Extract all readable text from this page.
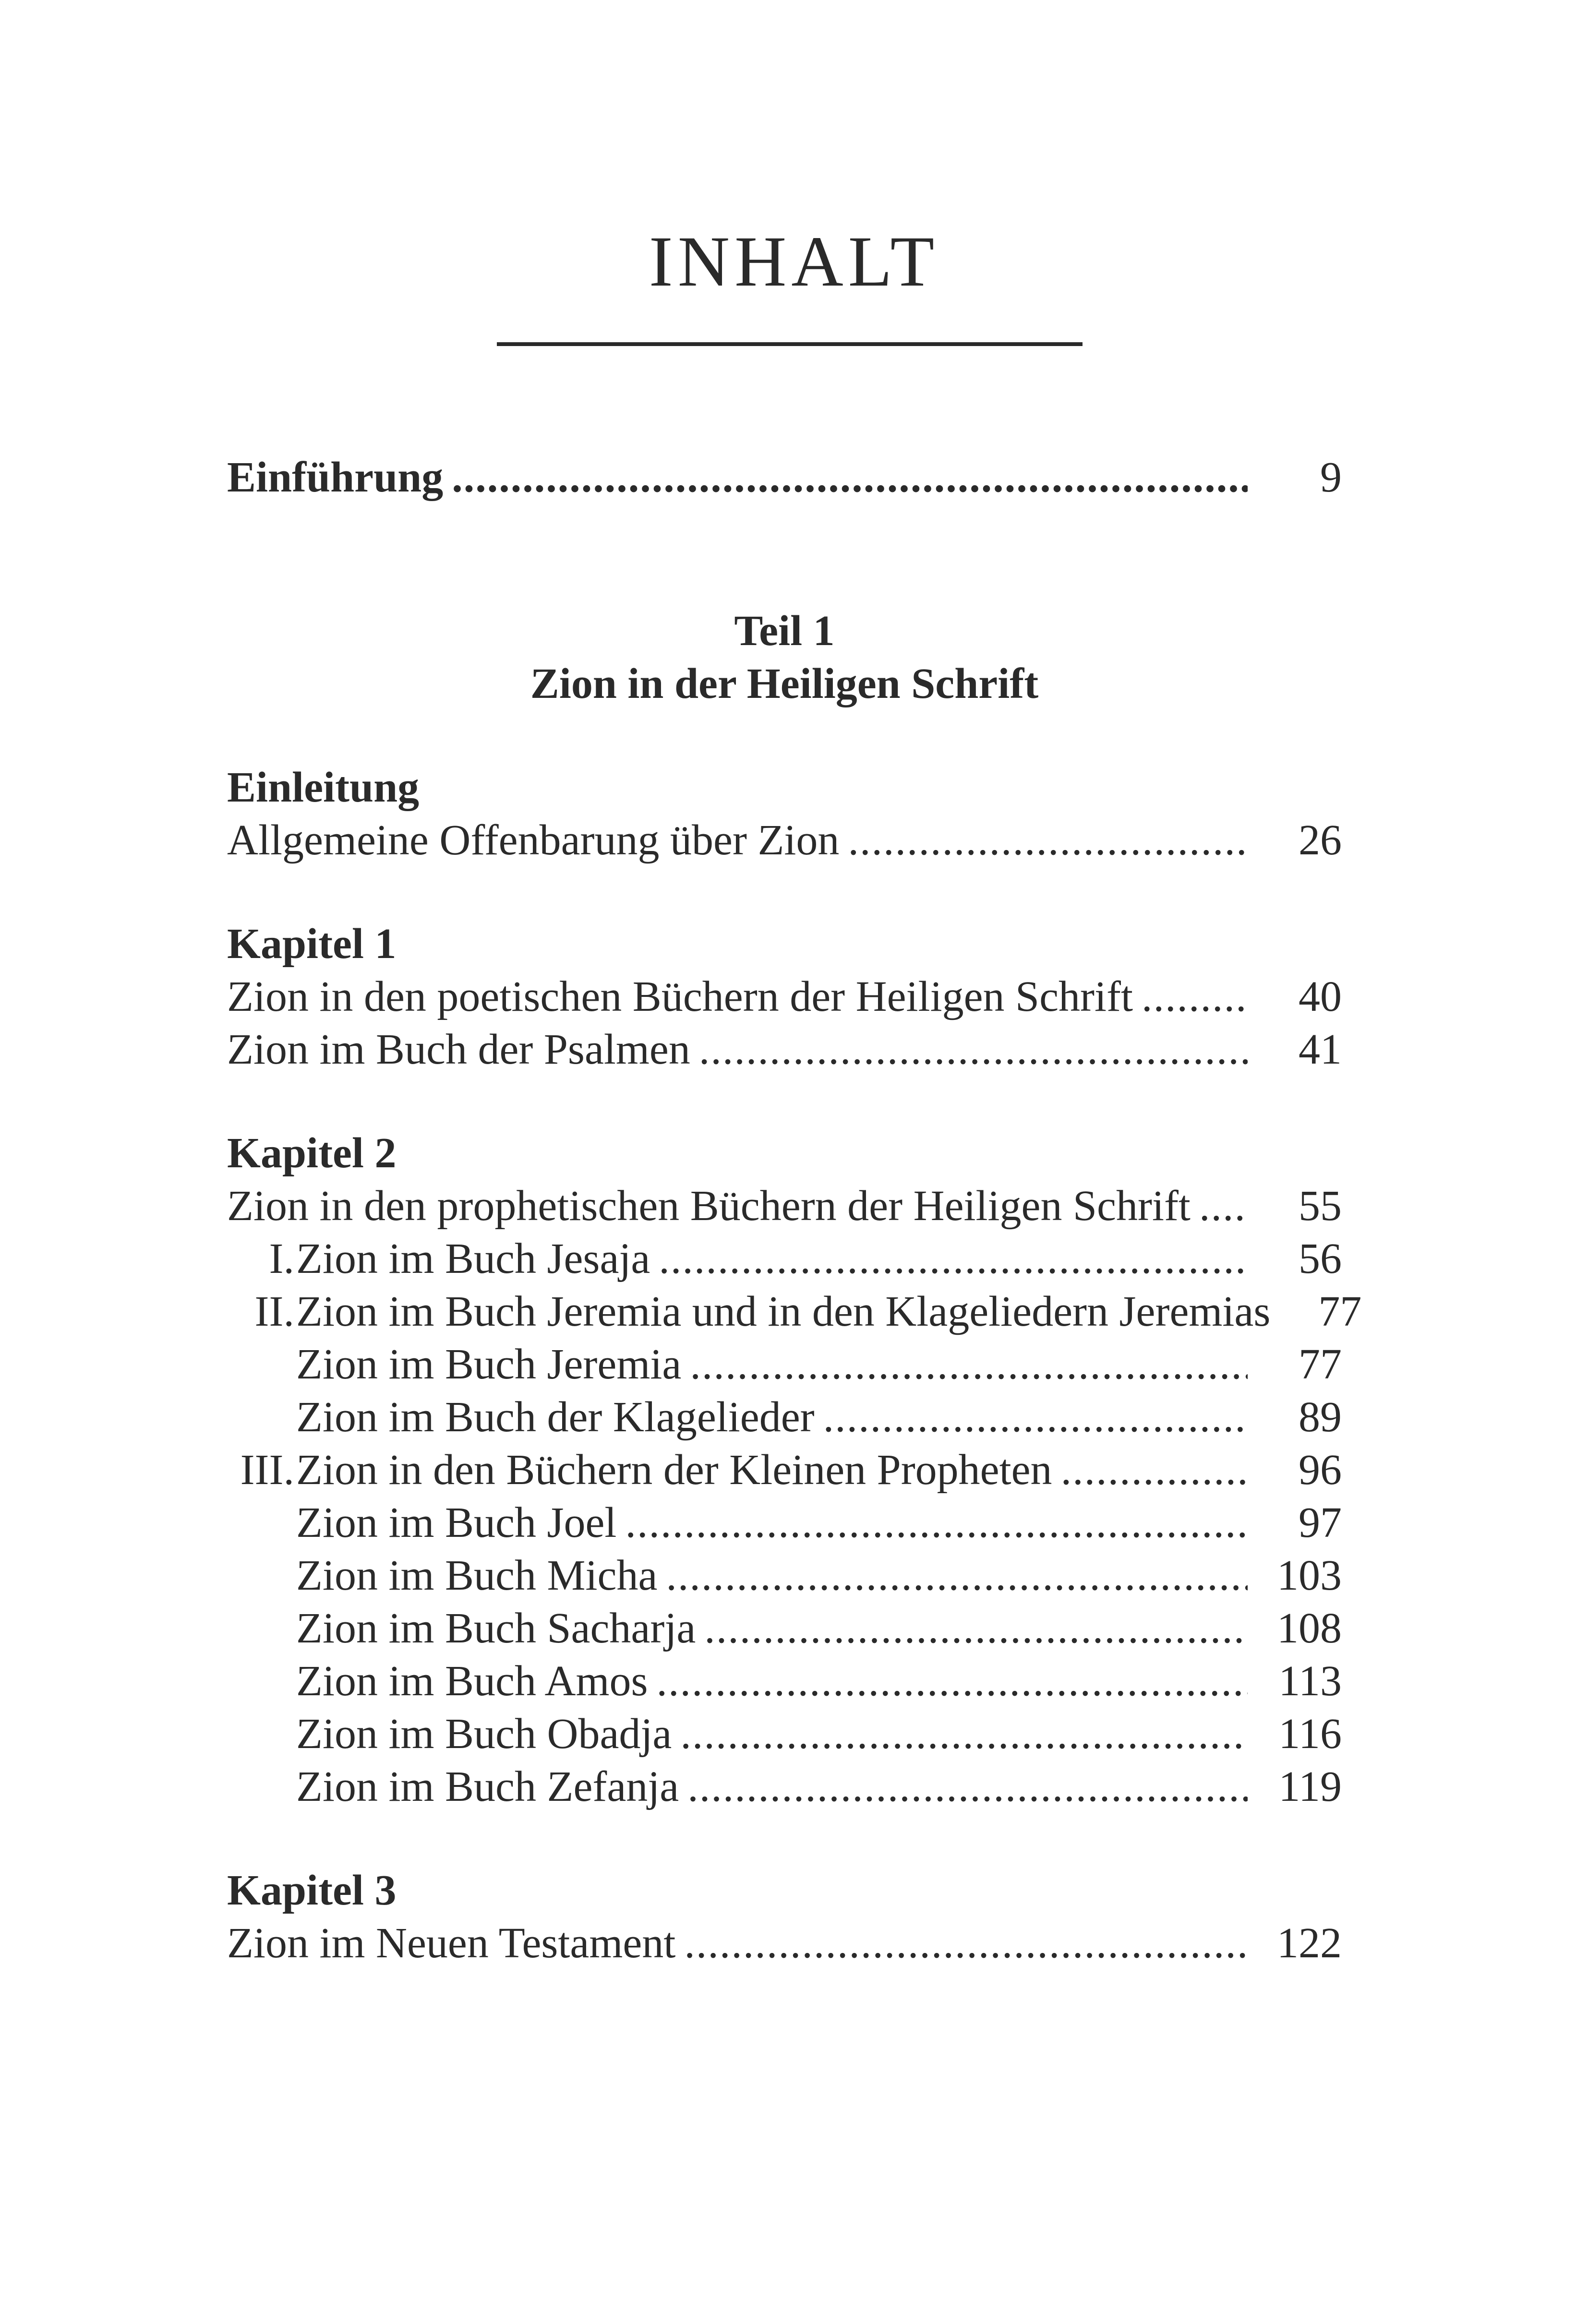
INHALT
Einführung .....	9
Teil 1
Zion in der Heiligen Schrift
Einleitung
Allgemeine Offenbarung über Zion .....	26
Kapitel 1
Zion in den poetischen Büchern der Heiligen Schrift .....	40
Zion im Buch der Psalmen .....	41
Kapitel 2
Zion in den prophetischen Büchern der Heiligen Schrift .....	55
I.Zion im Buch Jesaja .....	56
II.Zion im Buch Jeremia und in den Klageliedern Jeremias	77
Zion im Buch Jeremia .....	77
Zion im Buch der Klagelieder .....	89
III.Zion in den Büchern der Kleinen Propheten .....	96
Zion im Buch Joel .....	97
Zion im Buch Micha .....	103
Zion im Buch Sacharja .....	108
Zion im Buch Amos .....	113
Zion im Buch Obadja .....	116
Zion im Buch Zefanja .....	119
Kapitel 3
Zion im Neuen Testament .....	122
